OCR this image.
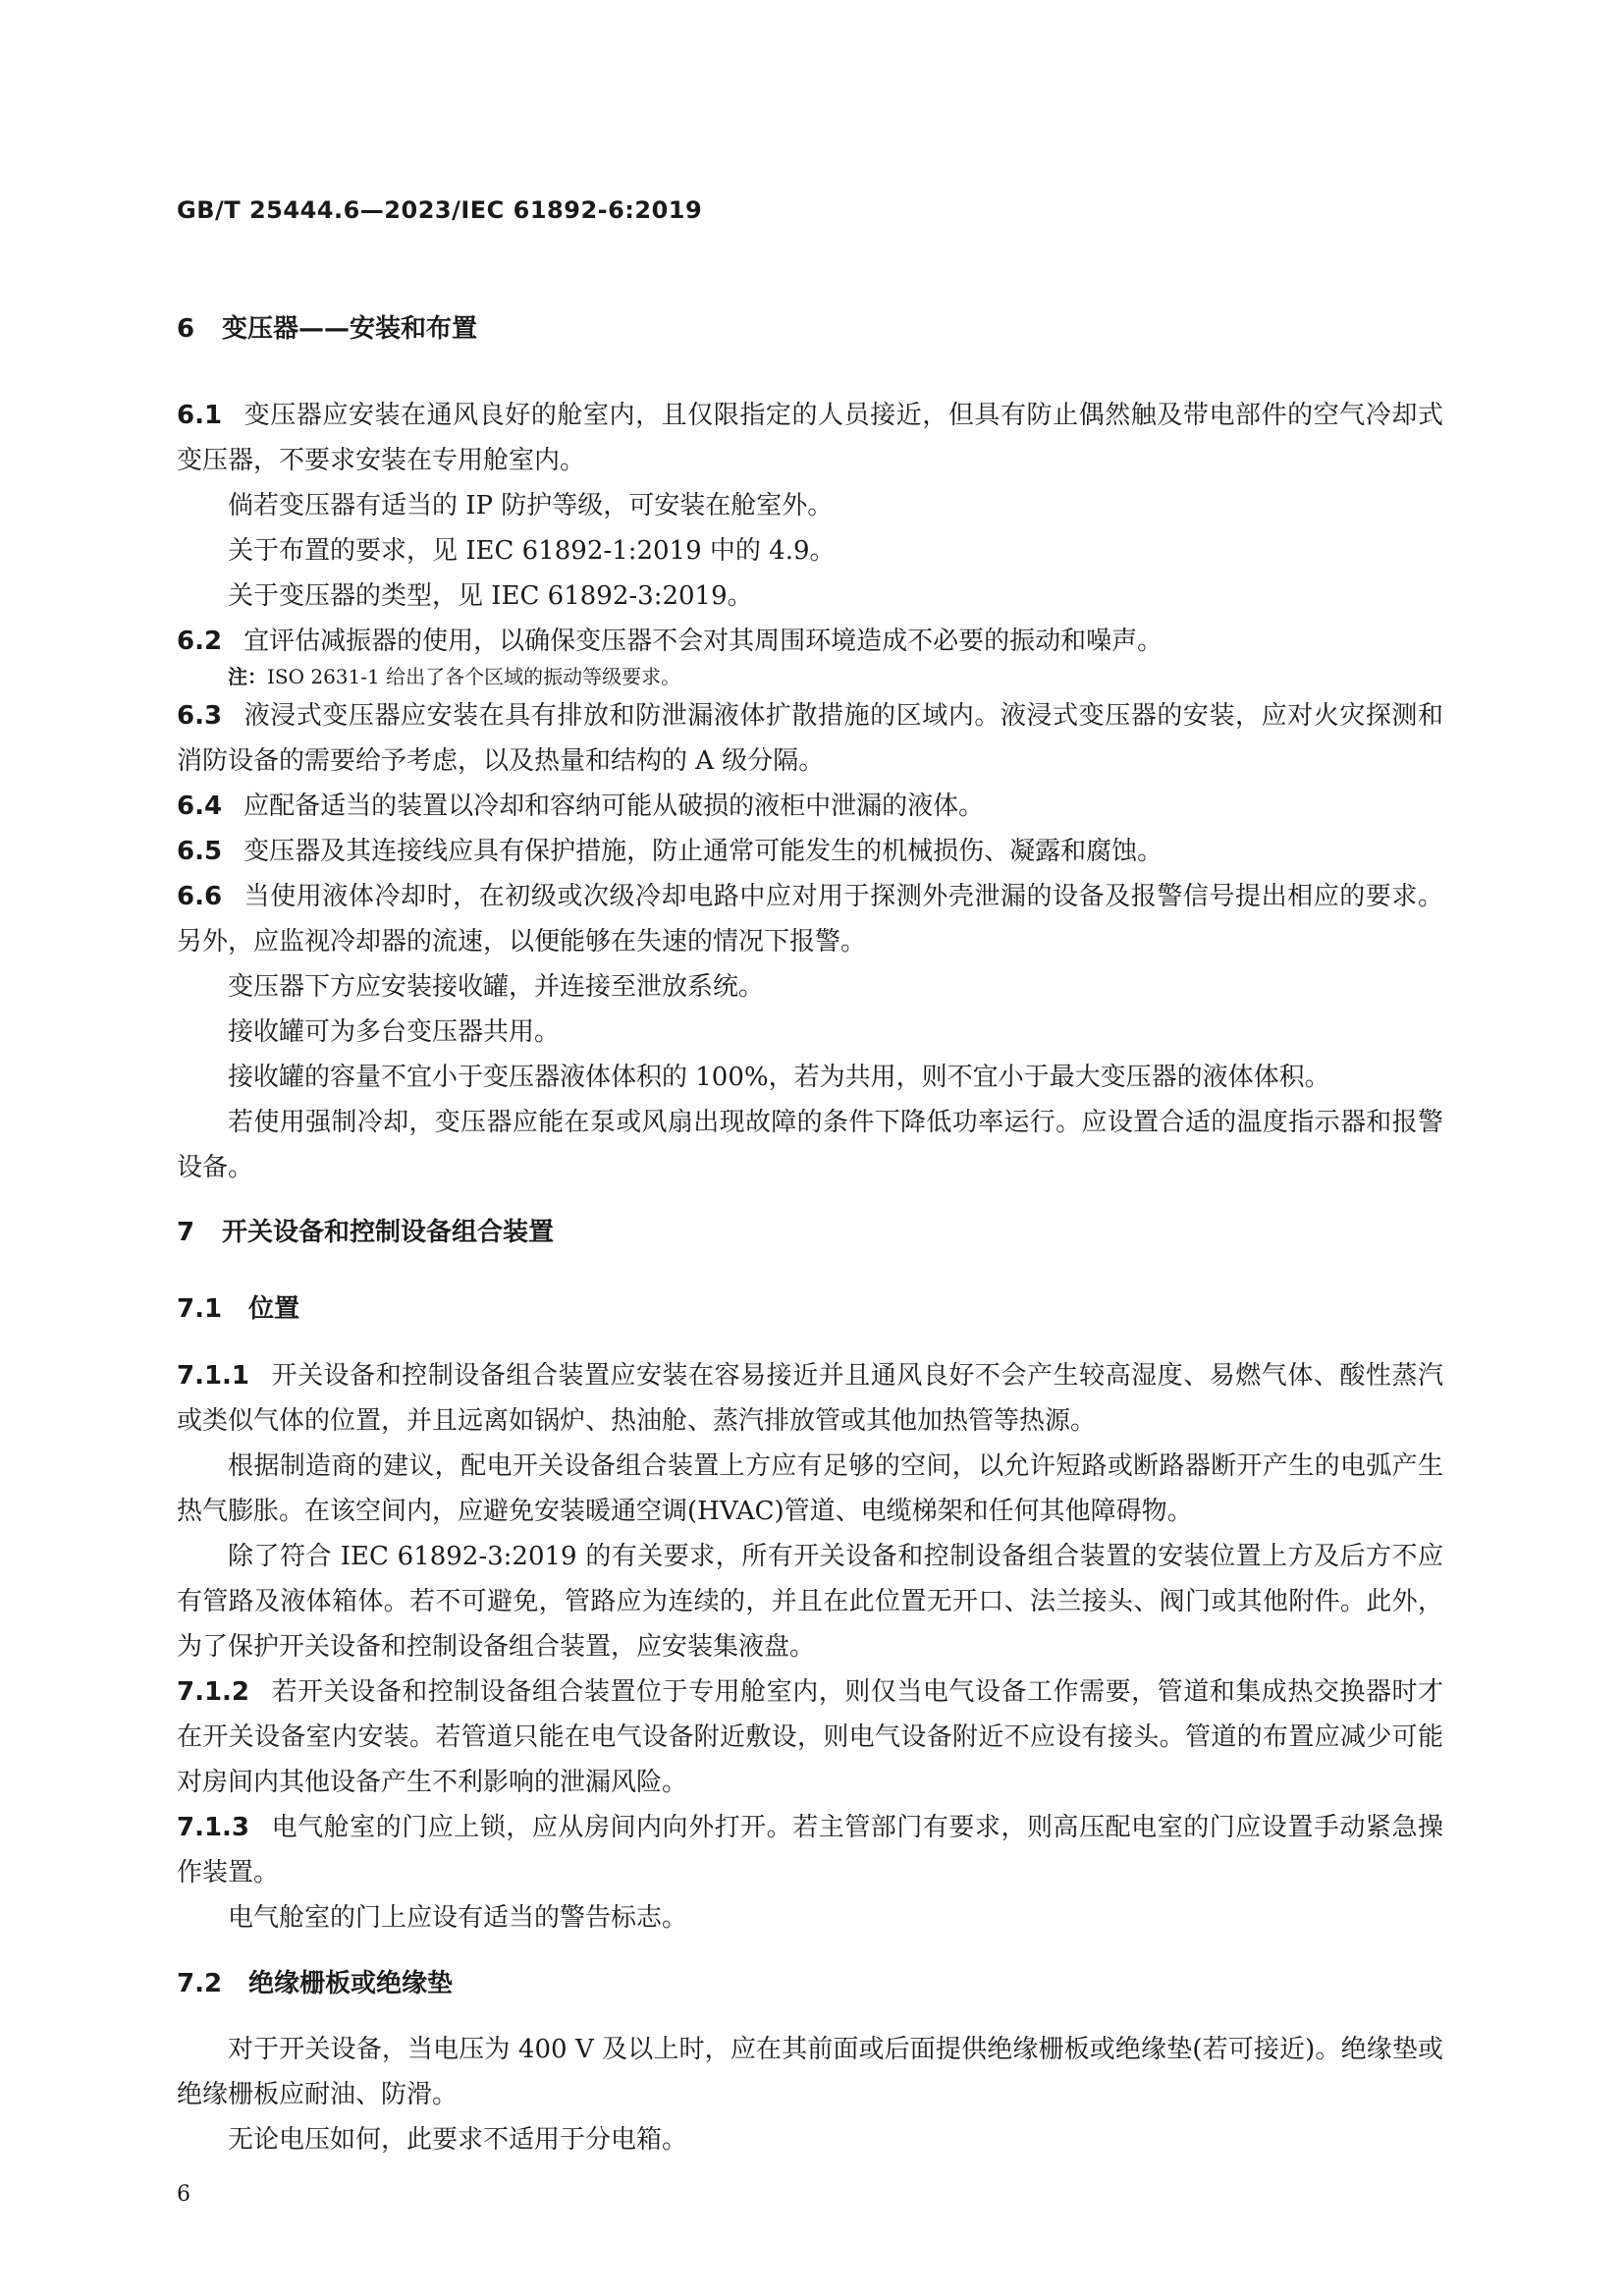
GB/T 25444.6—2023/IEC 61892-6:2019
6 变压器——安装和布置
6.1 变压器应安装在通风良好的舱室内，且仅限指定的人员接近，但具有防止偶然触及带电部件的空气冷却式变压器，不要求安装在专用舱室内。
倘若变压器有适当的 IP 防护等级，可安装在舱室外。
关于布置的要求，见 IEC 61892-1:2019 中的 4.9。
关于变压器的类型，见 IEC 61892-3:2019。
6.2 宜评估减振器的使用，以确保变压器不会对其周围环境造成不必要的振动和噪声。
注：ISO 2631-1 给出了各个区域的振动等级要求。
6.3 液浸式变压器应安装在具有排放和防泄漏液体扩散措施的区域内。液浸式变压器的安装，应对火灾探测和消防设备的需要给予考虑，以及热量和结构的 A 级分隔。
6.4 应配备适当的装置以冷却和容纳可能从破损的液柜中泄漏的液体。
6.5 变压器及其连接线应具有保护措施，防止通常可能发生的机械损伤、凝露和腐蚀。
6.6 当使用液体冷却时，在初级或次级冷却电路中应对用于探测外壳泄漏的设备及报警信号提出相应的要求。另外，应监视冷却器的流速，以便能够在失速的情况下报警。
变压器下方应安装接收罐，并连接至泄放系统。
接收罐可为多台变压器共用。
接收罐的容量不宜小于变压器液体体积的 100%，若为共用，则不宜小于最大变压器的液体体积。
若使用强制冷却，变压器应能在泵或风扇出现故障的条件下降低功率运行。应设置合适的温度指示器和报警设备。
7 开关设备和控制设备组合装置
7.1 位置
7.1.1 开关设备和控制设备组合装置应安装在容易接近并且通风良好不会产生较高湿度、易燃气体、酸性蒸汽或类似气体的位置，并且远离如锅炉、热油舱、蒸汽排放管或其他加热管等热源。
根据制造商的建议，配电开关设备组合装置上方应有足够的空间，以允许短路或断路器断开产生的电弧产生热气膨胀。在该空间内，应避免安装暖通空调(HVAC)管道、电缆梯架和任何其他障碍物。
除了符合 IEC 61892-3:2019 的有关要求，所有开关设备和控制设备组合装置的安装位置上方及后方不应有管路及液体箱体。若不可避免，管路应为连续的，并且在此位置无开口、法兰接头、阀门或其他附件。此外，为了保护开关设备和控制设备组合装置，应安装集液盘。
7.1.2 若开关设备和控制设备组合装置位于专用舱室内，则仅当电气设备工作需要，管道和集成热交换器时才在开关设备室内安装。若管道只能在电气设备附近敷设，则电气设备附近不应设有接头。管道的布置应减少可能对房间内其他设备产生不利影响的泄漏风险。
7.1.3 电气舱室的门应上锁，应从房间内向外打开。若主管部门有要求，则高压配电室的门应设置手动紧急操作装置。
电气舱室的门上应设有适当的警告标志。
7.2 绝缘栅板或绝缘垫
对于开关设备，当电压为 400 V 及以上时，应在其前面或后面提供绝缘栅板或绝缘垫(若可接近)。绝缘垫或绝缘栅板应耐油、防滑。
无论电压如何，此要求不适用于分电箱。
6
